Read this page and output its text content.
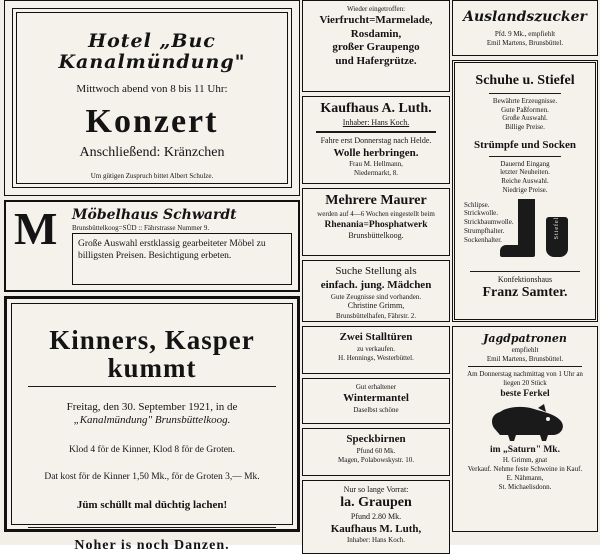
Hotel „Buc Kanalmündung"
Mittwoch abend von 8 bis 11 Uhr:
Konzert
Anschließend: Kränzchen
Um gütigen Zuspruch bittet Albert Schulze.
M Möbelhaus Schwardt
Brunsbüttelkoog=SÜD :: Fährstrasse Nummer 9.
Große Auswahl erstklassig gearbeiteter Möbel zu billigsten Preisen. Besichtigung erbeten.
Kinners, Kasper kummt
Freitag, den 30. September 1921, in de
„Kanalmündung" Brunsbüttelkoog.
Klod 4 för de Kinner, Klod 8 för de Groten.
Dat kost för de Kinner 1,50 Mk., för de Groten 3,— Mk.
Jüm schüllt mal düchtig lachen!
Noher is noch Danzen.
Wieder eingetroffen:
Vierfrucht=Marmelade,
Rosdamin,
großer Graupengo
und Hafergrütze.
Kaufhaus A. Luth.
Inhaber: Hans Koch.
Fahre erst Donnerstag nach Helde.
Wolle herbringen.
Frau M. Hellmann,
Niedermarkt, 8.
Mehrere Maurer
werden auf 4—6 Wochen eingestellt beim
Rhenania=Phosphatwerk
Brunsbüttelkoog.
Suche Stellung als
einfach. jung. Mädchen
Gute Zeugnisse sind vorhanden.
Christine Grimm,
Brunsbüttelhafen, Fährstr. 2.
Zwei Stalltüren
zu verkaufen.
H. Hennings, Westerbüttel.
Gut erhaltener
Wintermantel
Daselbst schöne
Speckbirnen
Pfund 60 Mk.
Magen, Polabowskystr. 10.
Nur so lange Vorrat:
la. Graupen
Pfund 2.80 Mk.
Kaufhaus M. Luth,
Inhaber: Hans Koch.
Auslandszucker
Pfd. 9 Mk., empfiehlt
Emil Martens, Brunsbüttel.
Schuhe u. Stiefel
Bewährte Erzeugnisse.
Gute Paßformen.
Große Auswahl.
Billige Preise.
Strümpfe und Socken
Dauernd Eingang
letzter Neuheiten.
Reiche Auswahl.
Niedrige Preise.
Schlipse.
Strickwolle.
Strickbaumwolle.
Strumpfhalter.
Sockenhalter.
Stiefel
Konfektionshaus
Franz Samter.
Jagdpatronen
empfiehlt
Emil Martens, Brunsbüttel.
Am Donnerstag nachmittag von 1 Uhr an liegen 20 Stück
beste Ferkel
im „Saturn" Mk.
H. Grimm, gnat
Verkauf. Nehme feste Schweine in Kauf.
E. Nähmann,
St. Michaelisdonn.
